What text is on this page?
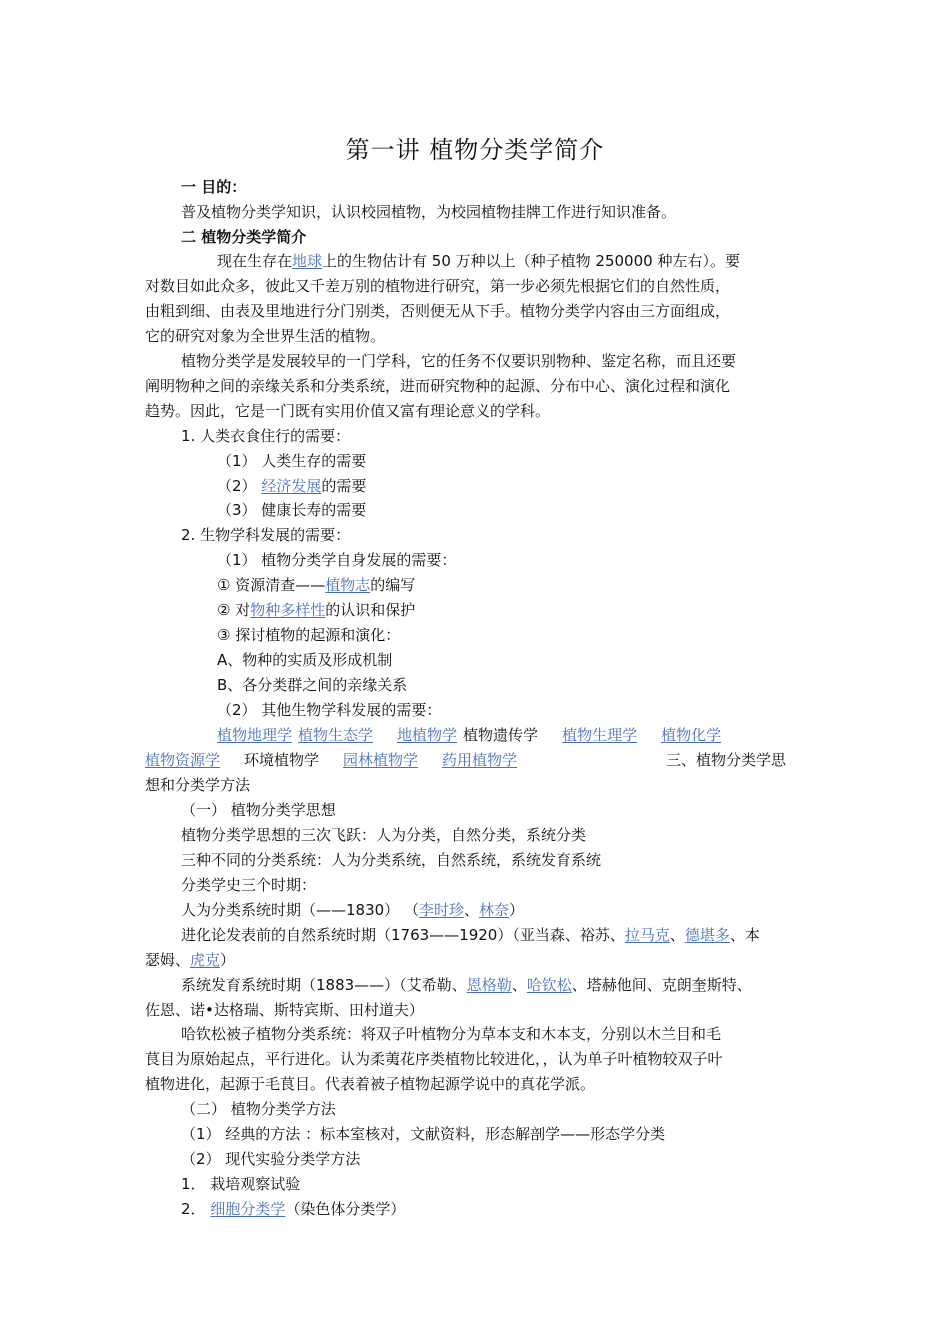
第一讲 植物分类学简介
一 目的：
普及植物分类学知识，认识校园植物，为校园植物挂牌工作进行知识准备。
二 植物分类学简介
现在生存在地球上的生物估计有 50 万种以上（种子植物 250000 种左右）。要
对数目如此众多，彼此又千差万别的植物进行研究，第一步必须先根据它们的自然性质，
由粗到细、由表及里地进行分门别类，否则便无从下手。植物分类学内容由三方面组成，
它的研究对象为全世界生活的植物。
植物分类学是发展较早的一门学科，它的任务不仅要识别物种、鉴定名称，而且还要
阐明物种之间的亲缘关系和分类系统，进而研究物种的起源、分布中心、演化过程和演化
趋势。因此，它是一门既有实用价值又富有理论意义的学科。
1. 人类衣食住行的需要：
（1） 人类生存的需要
（2） 经济发展的需要
（3） 健康长寿的需要
2. 生物学科发展的需要：
（1） 植物分类学自身发展的需要：
① 资源清查——植物志的编写
② 对物种多样性的认识和保护
③ 探讨植物的起源和演化：
A、物种的实质及形成机制
B、各分类群之间的亲缘关系
（2） 其他生物学科发展的需要：
植物地理学 植物生态学 地植物学 植物遗传学 植物生理学 植物化学
植物资源学 环境植物学 园林植物学 药用植物学	三、植物分类学思
想和分类学方法
（一） 植物分类学思想
植物分类学思想的三次飞跃：人为分类，自然分类，系统分类
三种不同的分类系统：人为分类系统，自然系统，系统发育系统
分类学史三个时期：
人为分类系统时期（——1830） （李时珍、林奈）
进化论发表前的自然系统时期（1763——1920）（亚当森、裕苏、拉马克、德堪多、本
瑟姆、虎克）
系统发育系统时期（1883——）（艾希勒、恩格勒、哈钦松、塔赫他间、克朗奎斯特、
佐恩、诺•达格瑞、斯特宾斯、田村道夫）
哈钦松被子植物分类系统：将双子叶植物分为草本支和木本支，分别以木兰目和毛
茛目为原始起点，平行进化。认为柔荑花序类植物比较进化，，认为单子叶植物较双子叶
植物进化，起源于毛茛目。代表着被子植物起源学说中的真花学派。
（二） 植物分类学方法
（1） 经典的方法 ：标本室核对，文献资料，形态解剖学——形态学分类
（2） 现代实验分类学方法
1． 栽培观察试验
2． 细胞分类学（染色体分类学）
